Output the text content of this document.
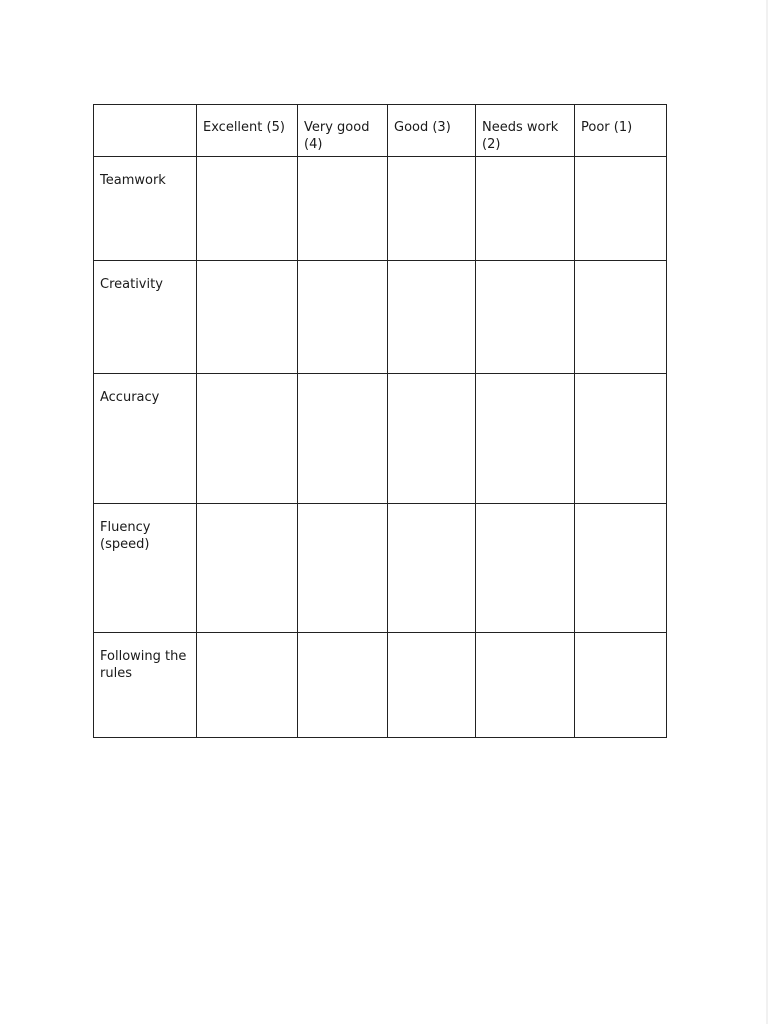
	Excellent (5)	Very good (4)	Good (3)	Needs work (2)	Poor (1)
Teamwork					
Creativity					
Accuracy					
Fluency (speed)					
Following the rules					
